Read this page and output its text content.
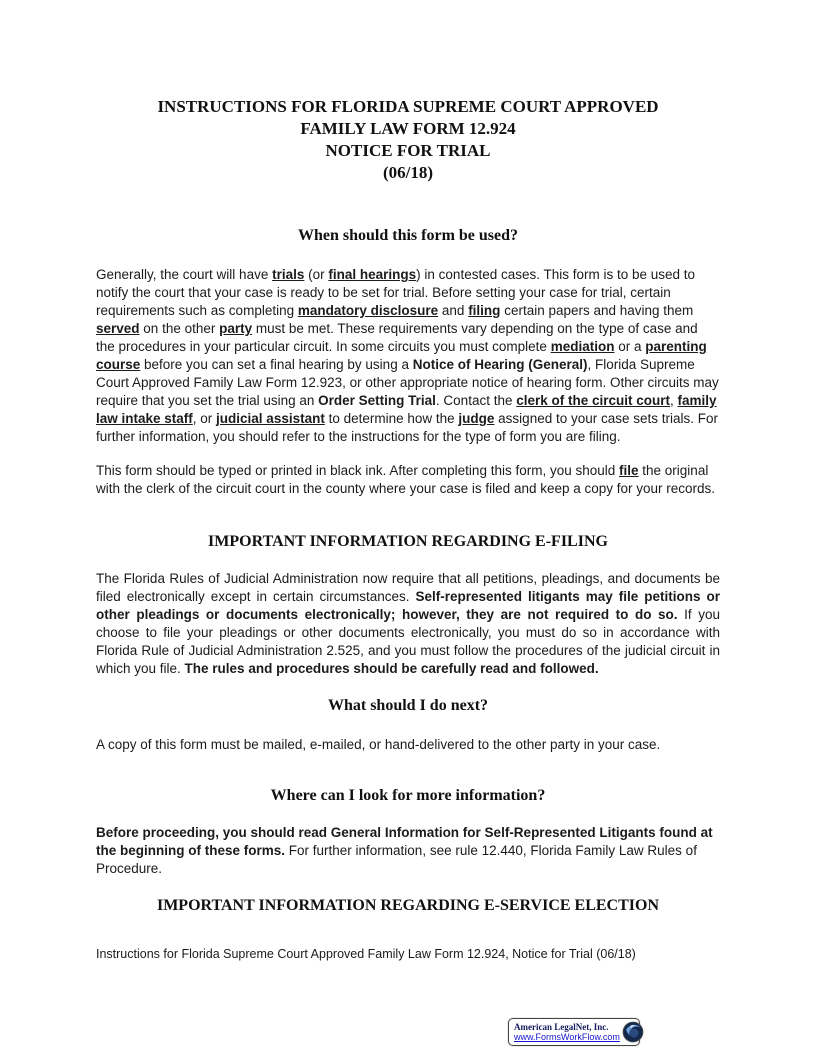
INSTRUCTIONS FOR FLORIDA SUPREME COURT APPROVED
FAMILY LAW FORM 12.924
NOTICE FOR TRIAL
(06/18)
When should this form be used?

Generally, the court will have trials (or final hearings) in contested cases. This form is to be used to notify the court that your case is ready to be set for trial. Before setting your case for trial, certain requirements such as completing mandatory disclosure and filing certain papers and having them served on the other party must be met. These requirements vary depending on the type of case and the procedures in your particular circuit. In some circuits you must complete mediation or a parenting course before you can set a final hearing by using a Notice of Hearing (General), Florida Supreme Court Approved Family Law Form 12.923, or other appropriate notice of hearing form. Other circuits may require that you set the trial using an Order Setting Trial. Contact the clerk of the circuit court, family law intake staff, or judicial assistant to determine how the judge assigned to your case sets trials. For further information, you should refer to the instructions for the type of form you are filing.

This form should be typed or printed in black ink. After completing this form, you should file the original with the clerk of the circuit court in the county where your case is filed and keep a copy for your records.

IMPORTANT INFORMATION REGARDING E-FILING

The Florida Rules of Judicial Administration now require that all petitions, pleadings, and documents be filed electronically except in certain circumstances. Self-represented litigants may file petitions or other pleadings or documents electronically; however, they are not required to do so. If you choose to file your pleadings or other documents electronically, you must do so in accordance with Florida Rule of Judicial Administration 2.525, and you must follow the procedures of the judicial circuit in which you file. The rules and procedures should be carefully read and followed.

What should I do next?

A copy of this form must be mailed, e-mailed, or hand-delivered to the other party in your case.

Where can I look for more information?

Before proceeding, you should read General Information for Self-Represented Litigants found at the beginning of these forms. For further information, see rule 12.440, Florida Family Law Rules of Procedure.

IMPORTANT INFORMATION REGARDING E-SERVICE ELECTION
Instructions for Florida Supreme Court Approved Family Law Form 12.924, Notice for Trial (06/18)
American LegalNet, Inc.
www.FormsWorkFlow.com
